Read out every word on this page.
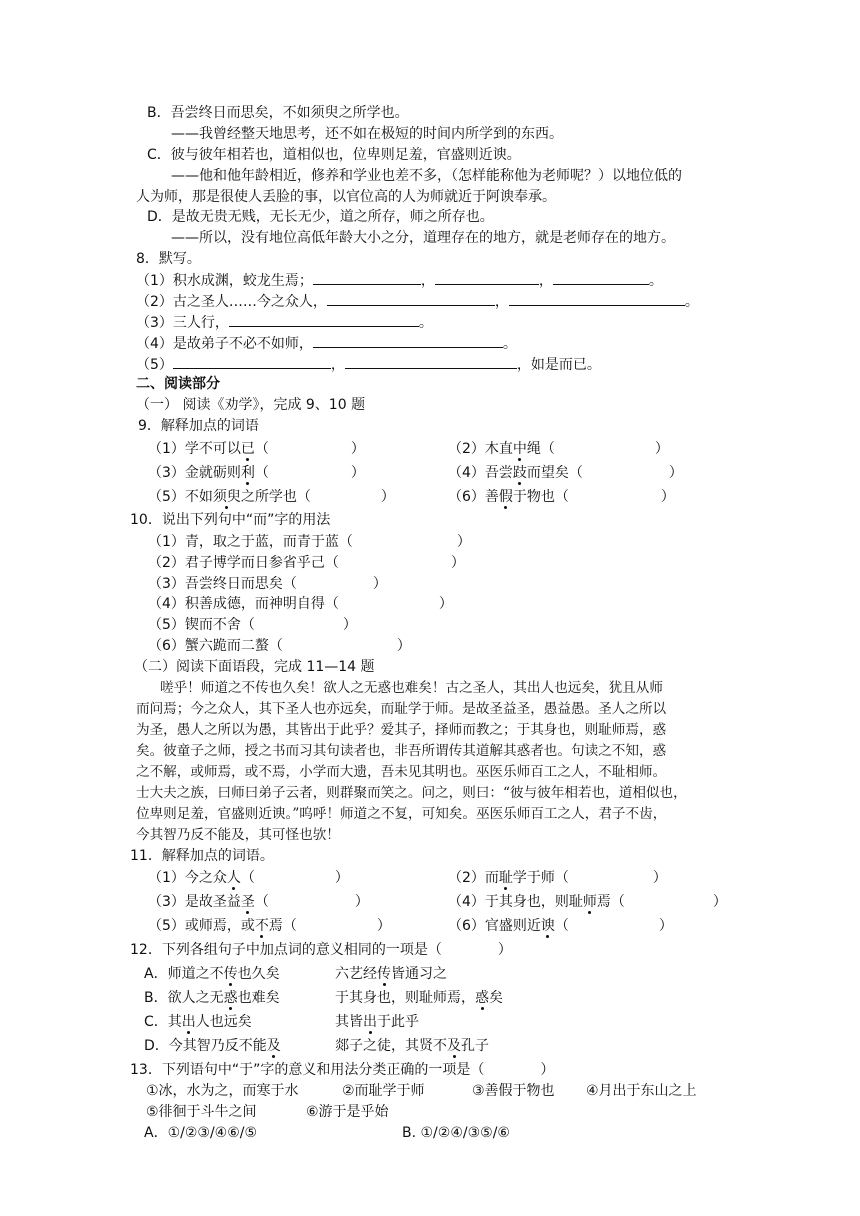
B．吾尝终日而思矣，不如须臾之所学也。
——我曾经整天地思考，还不如在极短的时间内所学到的东西。
C．彼与彼年相若也，道相似也，位卑则足羞，官盛则近谀。
——他和他年龄相近，修养和学业也差不多，（怎样能称他为老师呢？）以地位低的
人为师，那是很使人丢脸的事，以官位高的人为师就近于阿谀奉承。
D．是故无贵无贱，无长无少，道之所存，师之所存也。
——所以，没有地位高低年龄大小之分，道理存在的地方，就是老师存在的地方。
8．默写。
（1）积水成渊，蛟龙生焉；	，	，	。
（2）古之圣人……今之众人，	，	。
（3）三人行，	。
（4）是故弟子不必不如师，	。
（5）	，	，如是而已。
二、阅读部分
（一） 阅读《劝学》，完成 9、10 题
9．解释加点的词语
（1）学不可以已（	）	（2）木直中绳（	）
（3）金就砺则利（	）	（4）吾尝跂而望矣（	）
（5）不如须臾之所学也（	）	（6）善假于物也（	）
10．说出下列句中“而”字的用法
（1）青，取之于蓝，而青于蓝（	）
（2）君子博学而日参省乎己（	）
（3）吾尝终日而思矣（	）
（4）积善成德，而神明自得（	）
（5）锲而不舍（	）
（6）蟹六跪而二螯（	）
（二）阅读下面语段，完成 11—14 题
嗟乎！师道之不传也久矣！欲人之无惑也难矣！古之圣人，其出人也远矣，犹且从师
而问焉；今之众人，其下圣人也亦远矣，而耻学于师。是故圣益圣，愚益愚。圣人之所以
为圣，愚人之所以为愚，其皆出于此乎？爱其子，择师而教之；于其身也，则耻师焉，惑
矣。彼童子之师，授之书而习其句读者也，非吾所谓传其道解其惑者也。句读之不知，惑
之不解，或师焉，或不焉，小学而大遗，吾未见其明也。巫医乐师百工之人，不耻相师。
士大夫之族，曰师曰弟子云者，则群聚而笑之。问之，则曰：“彼与彼年相若也，道相似也，
位卑则足羞，官盛则近谀。”呜呼！师道之不复，可知矣。巫医乐师百工之人，君子不齿，
今其智乃反不能及，其可怪也欤！
11．解释加点的词语。
（1）今之众人（	）	（2）而耻学于师（	）
（3）是故圣益圣（	）	（4）于其身也，则耻师焉（	）
（5）或师焉，或不焉（	）	（6）官盛则近谀（	）
12．下列各组句子中加点词的意义相同的一项是（	）
A．师道之不传也久矣	六艺经传皆通习之
B．欲人之无惑也难矣	于其身也，则耻师焉，惑矣
C．其出人也远矣	其皆出于此乎
D．今其智乃反不能及	郯子之徒，其贤不及孔子
13．下列语句中“于”字的意义和用法分类正确的一项是（	）
①冰，水为之，而寒于水	②而耻学于师	③善假于物也 ④月出于东山之上
⑤徘徊于斗牛之间	⑥游于是乎始
A．①/②③/④⑥/⑤	B. ①/②④/③⑤/⑥
